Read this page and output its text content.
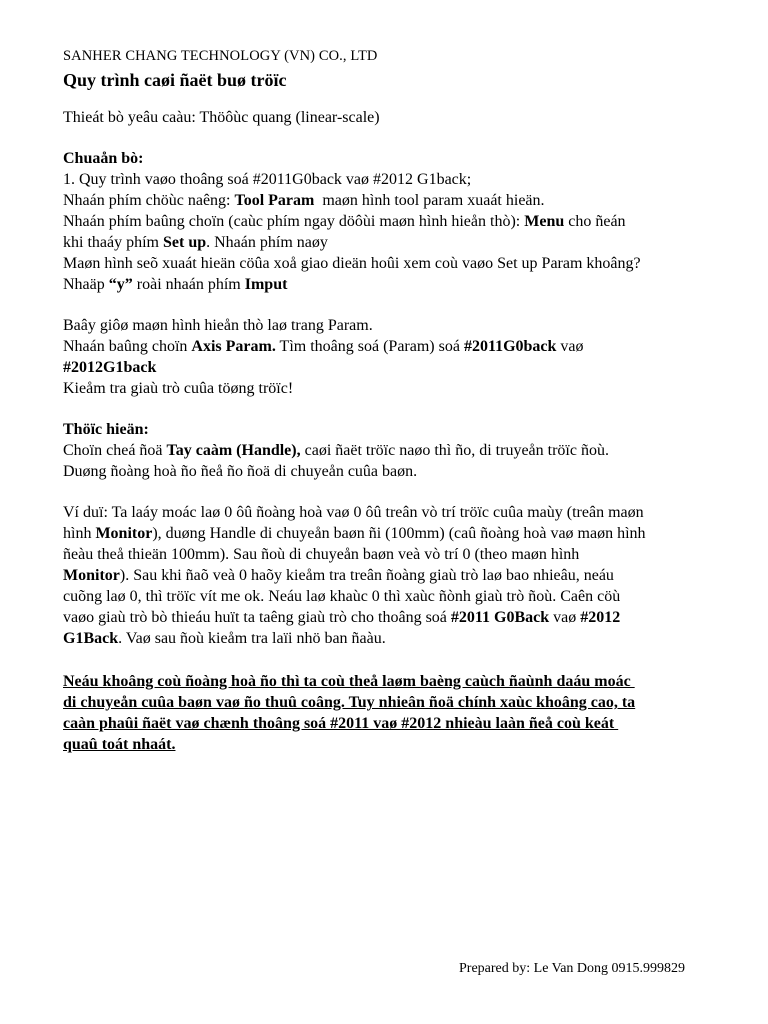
SANHER CHANG TECHNOLOGY (VN) CO., LTD
Quy trình caøi ñaët buø tröïc
Thieát bò yeâu caàu: Thöôùc quang (linear-scale)
Chuaån bò:
1. Quy trình vaøo thoâng soá #2011G0back vaø #2012 G1back;
Nhaán phím chöùc naêng: Tool Param  maøn hình tool param xuaát hieän.
Nhaán phím baûng choïn (caùc phím ngay döôùi maøn hình hieån thò): Menu cho ñeán
khi thaáy phím Set up. Nhaán phím naøy
Maøn hình seõ xuaát hieän cöûa xoå giao dieän hoûi xem coù vaøo Set up Param khoâng?
Nhaäp “y” roài nhaán phím Imput
Baây giôø maøn hình hieån thò laø trang Param.
Nhaán baûng choïn Axis Param. Tìm thoâng soá (Param) soá #2011G0back vaø
#2012G1back
Kieåm tra giaù trò cuûa töøng tröïc!
Thöïc hieän:
Choïn cheá ñoä Tay caàm (Handle), caøi ñaët tröïc naøo thì ño, di truyeån tröïc ñoù.
Duøng ñoàng hoà ño ñeå ño ñoä di chuyeån cuûa baøn.
Ví duï: Ta laáy moác laø 0 ôû ñoàng hoà vaø 0 ôû treân vò trí tröïc cuûa maùy (treân maøn
hình Monitor), duøng Handle di chuyeån baøn ñi (100mm) (caû ñoàng hoà vaø maøn hình
ñeàu theå thieän 100mm). Sau ñoù di chuyeån baøn veà vò trí 0 (theo maøn hình
Monitor). Sau khi ñaõ veà 0 haõy kieåm tra treân ñoàng giaù trò laø bao nhieâu, neáu
cuõng laø 0, thì tröïc vít me ok. Neáu laø khaùc 0 thì xaùc ñònh giaù trò ñoù. Caên cöù
vaøo giaù trò bò thieáu huït ta taêng giaù trò cho thoâng soá #2011 G0Back vaø #2012
G1Back. Vaø sau ñoù kieåm tra laïi nhö ban ñaàu.
Neáu khoâng coù ñoàng hoà ño thì ta coù theå laøm baèng caùch ñaùnh daáu moác
di chuyeån cuûa baøn vaø ño thuû coâng. Tuy nhieân ñoä chính xaùc khoâng cao, ta
caàn phaûi ñaët vaø chænh thoâng soá #2011 vaø #2012 nhieàu laàn ñeå coù keát
quaû toát nhaát.
Prepared by: Le Van Dong 0915.999829
